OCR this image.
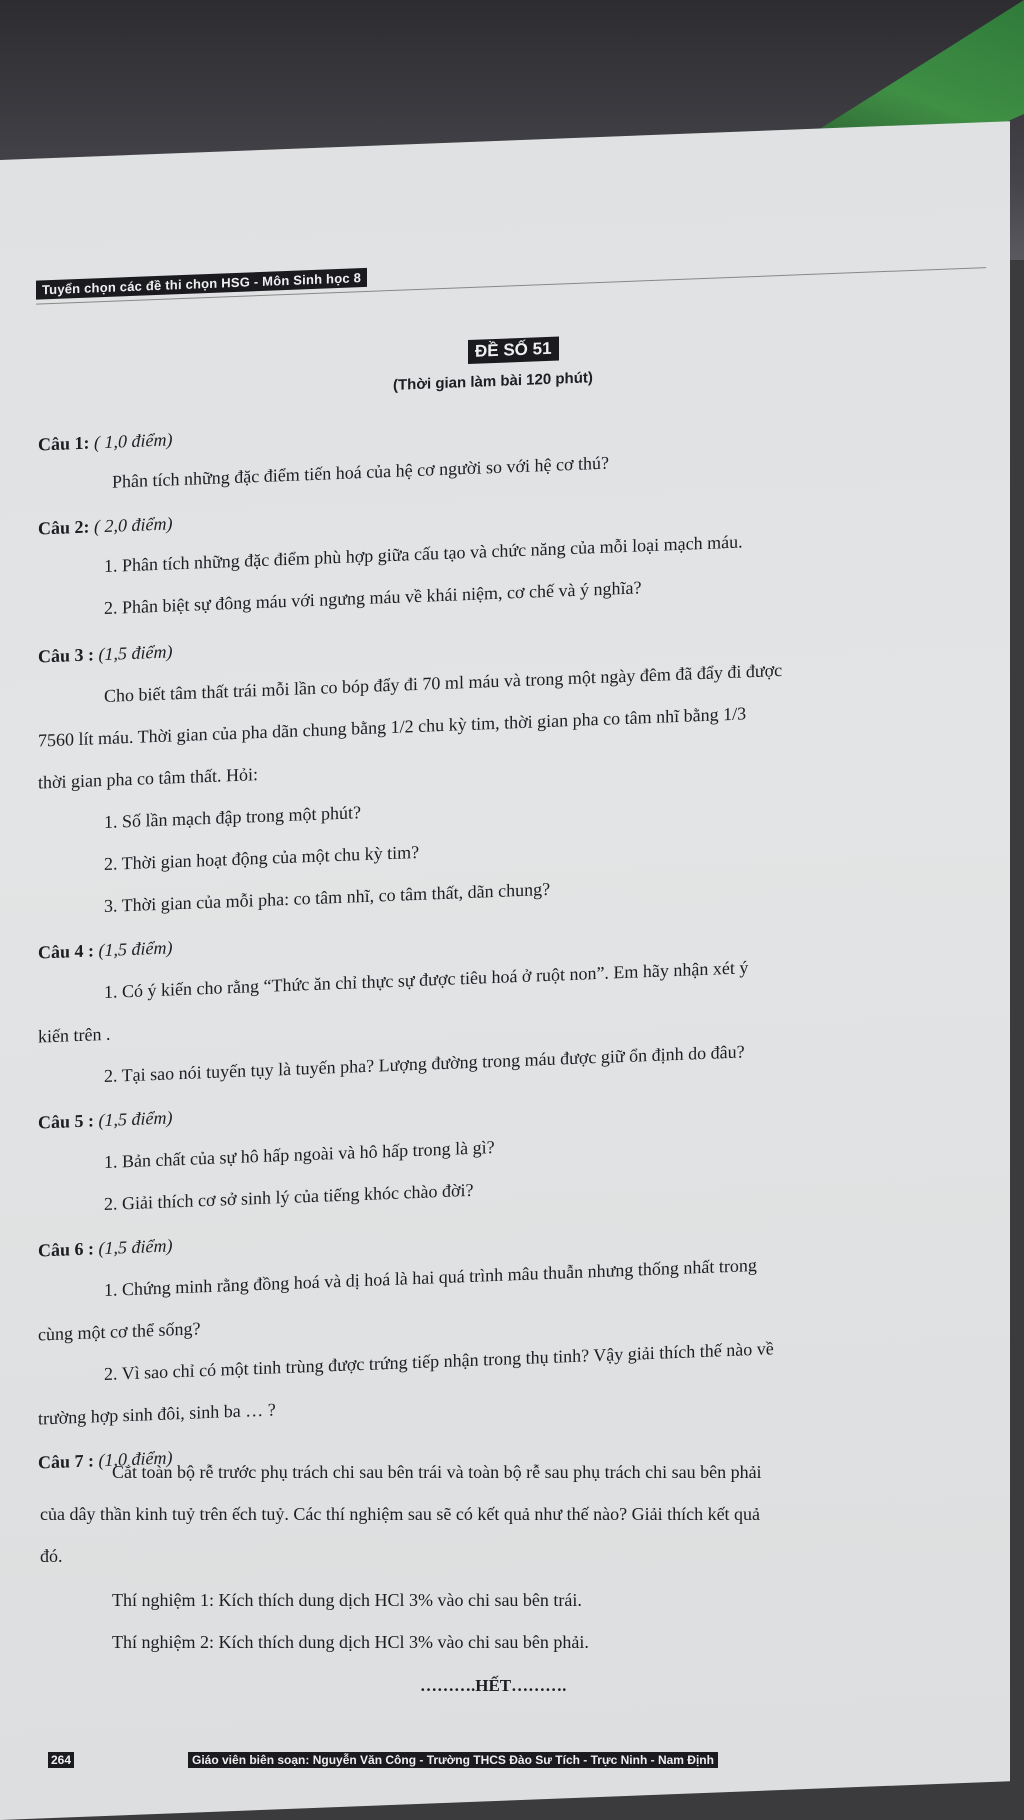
Tuyển chọn các đề thi chọn HSG - Môn Sinh học 8
ĐỀ SỐ 51
(Thời gian làm bài 120 phút)
Câu 1: ( 1,0 điểm)
Phân tích những đặc điểm tiến hoá của hệ cơ người so với hệ cơ thú?
Câu 2: ( 2,0 điểm)
1. Phân tích những đặc điểm phù hợp giữa cấu tạo và chức năng của mỗi loại mạch máu.
2. Phân biệt sự đông máu với ngưng máu về khái niệm, cơ chế và ý nghĩa?
Câu 3 : (1,5 điểm)
Cho biết tâm thất trái mỗi lần co bóp đẩy đi 70 ml máu và trong một ngày đêm đã đẩy đi được
7560 lít máu. Thời gian của pha dãn chung bằng 1/2 chu kỳ tim, thời gian pha co tâm nhĩ bằng 1/3
thời gian pha co tâm thất. Hỏi:
1. Số lần mạch đập trong một phút?
2. Thời gian hoạt động của một chu kỳ tim?
3. Thời gian của mỗi pha: co tâm nhĩ, co tâm thất, dãn chung?
Câu 4 : (1,5 điểm)
1. Có ý kiến cho rằng “Thức ăn chỉ thực sự được tiêu hoá ở ruột non”. Em hãy nhận xét ý
kiến trên .
2. Tại sao nói tuyến tụy là tuyến pha? Lượng đường trong máu được giữ ổn định do đâu?
Câu 5 : (1,5 điểm)
1. Bản chất của sự hô hấp ngoài và hô hấp trong là gì?
2. Giải thích cơ sở sinh lý của tiếng khóc chào đời?
Câu 6 : (1,5 điểm)
1. Chứng minh rằng đồng hoá và dị hoá là hai quá trình mâu thuẫn nhưng thống nhất trong
cùng một cơ thể sống?
2. Vì sao chỉ có một tinh trùng được trứng tiếp nhận trong thụ tinh? Vậy giải thích thế nào về
trường hợp sinh đôi, sinh ba … ?
Câu 7 : (1,0 điểm)
Cắt toàn bộ rễ trước phụ trách chi sau bên trái và toàn bộ rễ sau phụ trách chi sau bên phải
của dây thần kinh tuỷ trên ếch tuỷ. Các thí nghiệm sau sẽ có kết quả như thế nào? Giải thích kết quả
đó.
Thí nghiệm 1: Kích thích dung dịch HCl 3% vào chi sau bên trái.
Thí nghiệm 2: Kích thích dung dịch HCl 3% vào chi sau bên phải.
……….HẾT……….
264	Giáo viên biên soạn: Nguyễn Văn Công - Trường THCS Đào Sư Tích - Trực Ninh - Nam Định
